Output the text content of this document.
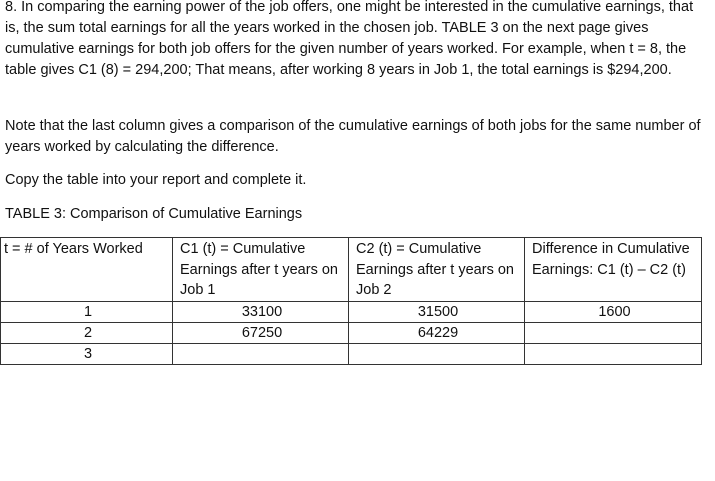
8. In comparing the earning power of the job offers, one might be interested in the cumulative earnings, that is, the sum total earnings for all the years worked in the chosen job. TABLE 3 on the next page gives cumulative earnings for both job offers for the given number of years worked. For example, when t = 8, the table gives C1 (8) = 294,200; That means, after working 8 years in Job 1, the total earnings is $294,200.

Note that the last column gives a comparison of the cumulative earnings of both jobs for the same number of years worked by calculating the difference.

Copy the table into your report and complete it.

TABLE 3: Comparison of Cumulative Earnings

t = # of Years Worked	C1 (t) = Cumulative Earnings after t years on Job 1	C2 (t) = Cumulative Earnings after t years on Job 2	Difference in Cumulative Earnings: C1 (t) – C2 (t)
1	33100	31500	1600
2	67250	64229	
3			
